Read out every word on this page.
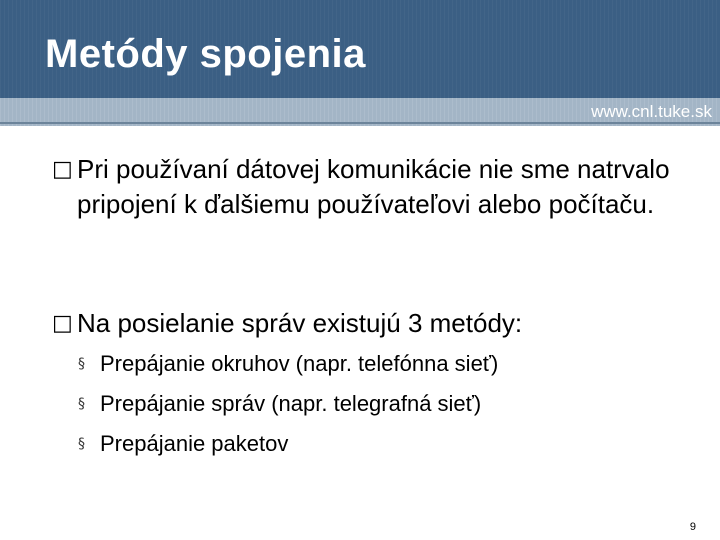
Metódy spojenia
www.cnl.tuke.sk
□ Pri používaní dátovej komunikácie nie sme natrvalo pripojení k ďalšiemu používateľovi alebo počítaču.
□ Na posielanie správ existujú 3 metódy:
§ Prepájanie okruhov (napr. telefónna sieť)
§ Prepájanie správ (napr. telegrafná sieť)
§ Prepájanie paketov
9
